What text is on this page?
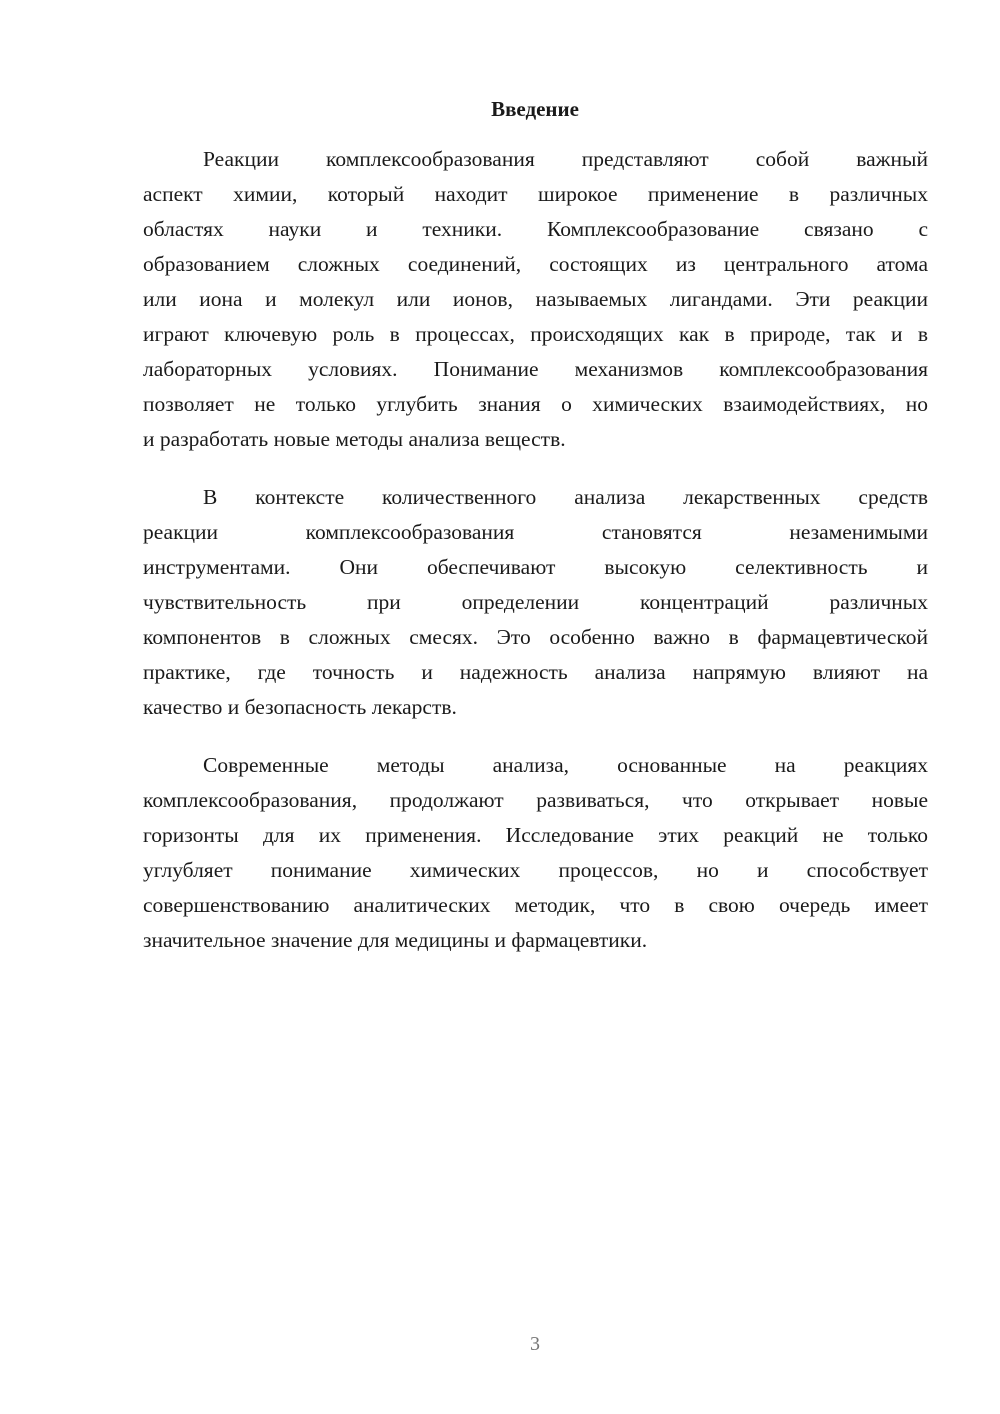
Введение
Реакции комплексообразования представляют собой важный
аспект химии, который находит широкое применение в различных
областях науки и техники. Комплексообразование связано с
образованием сложных соединений, состоящих из центрального атома
или иона и молекул или ионов, называемых лигандами. Эти реакции
играют ключевую роль в процессах, происходящих как в природе, так и в
лабораторных условиях. Понимание механизмов комплексообразования
позволяет не только углубить знания о химических взаимодействиях, но
и разработать новые методы анализа веществ.
В контексте количественного анализа лекарственных средств
реакции комплексообразования становятся незаменимыми
инструментами. Они обеспечивают высокую селективность и
чувствительность при определении концентраций различных
компонентов в сложных смесях. Это особенно важно в фармацевтической
практике, где точность и надежность анализа напрямую влияют на
качество и безопасность лекарств.
Современные методы анализа, основанные на реакциях
комплексообразования, продолжают развиваться, что открывает новые
горизонты для их применения. Исследование этих реакций не только
углубляет понимание химических процессов, но и способствует
совершенствованию аналитических методик, что в свою очередь имеет
значительное значение для медицины и фармацевтики.
3
